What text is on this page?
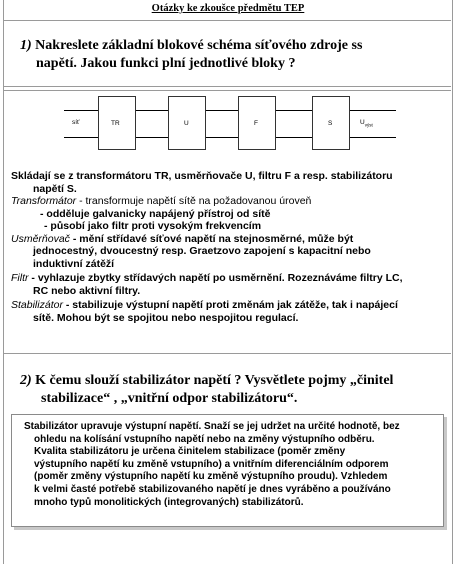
Otázky ke zkoušce předmětu TEP
1) Nakreslete základní blokové schéma síťového zdroje ss
napětí. Jakou funkci plní jednotlivé bloky ?
síť	TR	U	F	S	$U_{výst}$
Skládají se z transformátoru TR, usměrňovače U, filtru F a resp. stabilizátoru
napětí S.
Transformátor - transformuje napětí sítě na požadovanou úroveň
- odděluje galvanicky napájený přístroj od sítě
- působí jako filtr proti vysokým frekvencím
Usměrňovač - mění střídavé síťové napětí na stejnosměrné, může být
jednocestný, dvoucestný resp. Graetzovo zapojení s kapacitní nebo
induktivní zátěží
Filtr - vyhlazuje zbytky střídavých napětí po usměrnění. Rozeznáváme filtry LC,
RC nebo aktivní filtry.
Stabilizátor - stabilizuje výstupní napětí proti změnám jak zátěže, tak i napájecí
sítě. Mohou být se spojitou nebo nespojitou regulací.
2) K čemu slouží stabilizátor napětí ? Vysvětlete pojmy „činitel
stabilizace“ , „vnitřní odpor stabilizátoru“.
Stabilizátor upravuje výstupní napětí. Snaží se jej udržet na určité hodnotě, bez
ohledu na kolísání vstupního napětí nebo na změny výstupního odběru.
Kvalita stabilizátoru je určena činitelem stabilizace (poměr změny
výstupního napětí ku změně vstupního) a vnitřním diferenciálním odporem
(poměr změny výstupního napětí ku změně výstupního proudu). Vzhledem
k velmi časté potřebě stabilizovaného napětí je dnes vyráběno a používáno
mnoho typů monolitických (integrovaných) stabilizátorů.
